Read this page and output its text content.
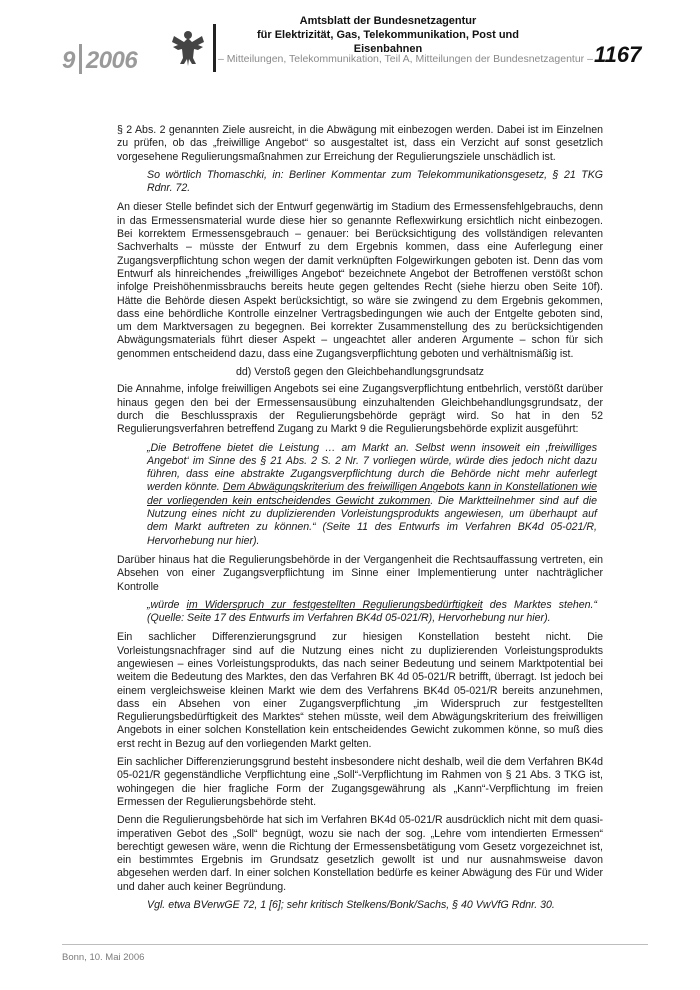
9 2006
Amtsblatt der Bundesnetzagentur
für Elektrizität, Gas, Telekommunikation, Post und Eisenbahnen
– Mitteilungen, Telekommunikation, Teil A, Mitteilungen der Bundesnetzagentur – 1167

§ 2 Abs. 2 genannten Ziele ausreicht, in die Abwägung mit einbezogen werden. Dabei ist im Einzelnen zu prüfen, ob das „freiwillige Angebot“ so ausgestaltet ist, dass ein Verzicht auf sonst gesetzlich vorgesehene Regulierungsmaßnahmen zur Erreichung der Regulierungsziele unschädlich ist.

So wörtlich Thomaschki, in: Berliner Kommentar zum Telekommunikationsgesetz, § 21 TKG Rdnr. 72.

An dieser Stelle befindet sich der Entwurf gegenwärtig im Stadium des Ermessensfehlgebrauchs, denn in das Ermessensmaterial wurde diese hier so genannte Reflexwirkung ersichtlich nicht einbezogen. Bei korrektem Ermessensgebrauch – genauer: bei Berücksichtigung des vollständigen relevanten Sachverhalts – müsste der Entwurf zu dem Ergebnis kommen, dass eine Auferlegung einer Zugangsverpflichtung schon wegen der damit verknüpften Folgewirkungen geboten ist. Denn das vom Entwurf als hinreichendes „freiwilliges Angebot“ bezeichnete Angebot der Betroffenen verstößt schon infolge Preishöhenmissbrauchs bereits heute gegen geltendes Recht (siehe hierzu oben Seite 10f). Hätte die Behörde diesen Aspekt berücksichtigt, so wäre sie zwingend zu dem Ergebnis gekommen, dass eine behördliche Kontrolle einzelner Vertragsbedingungen wie auch der Entgelte geboten sind, um dem Marktversagen zu begegnen. Bei korrekter Zusammenstellung des zu berücksichtigenden Abwägungsmaterials führt dieser Aspekt – ungeachtet aller anderen Argumente – schon für sich genommen entscheidend dazu, dass eine Zugangsverpflichtung geboten und verhältnismäßig ist.

dd) Verstoß gegen den Gleichbehandlungsgrundsatz

Die Annahme, infolge freiwilligen Angebots sei eine Zugangsverpflichtung entbehrlich, verstößt darüber hinaus gegen den bei der Ermessensausübung einzuhaltenden Gleichbehandlungsgrundsatz, der durch die Beschlusspraxis der Regulierungsbehörde geprägt wird. So hat in den 52 Regulierungsverfahren betreffend Zugang zu Markt 9 die Regulierungsbehörde explizit ausgeführt:

„Die Betroffene bietet die Leistung … am Markt an. Selbst wenn insoweit ein ‚freiwilliges Angebot‘ im Sinne des § 21 Abs. 2 S. 2 Nr. 7 vorliegen würde, würde dies jedoch nicht dazu führen, dass eine abstrakte Zugangsverpflichtung durch die Behörde nicht mehr auferlegt werden könnte. Dem Abwägungskriterium des freiwilligen Angebots kann in Konstellationen wie der vorliegenden kein entscheidendes Gewicht zukommen. Die Marktteilnehmer sind auf die Nutzung eines nicht zu duplizierenden Vorleistungsprodukts angewiesen, um überhaupt auf dem Markt auftreten zu können.“ (Seite 11 des Entwurfs im Verfahren BK4d 05-021/R, Hervorhebung nur hier).

Darüber hinaus hat die Regulierungsbehörde in der Vergangenheit die Rechtsauffassung vertreten, ein Absehen von einer Zugangsverpflichtung im Sinne einer Implementierung unter nachträglicher Kontrolle

„würde im Widerspruch zur festgestellten Regulierungsbedürftigkeit des Marktes stehen.“ (Quelle: Seite 17 des Entwurfs im Verfahren BK4d 05-021/R), Hervorhebung nur hier).

Ein sachlicher Differenzierungsgrund zur hiesigen Konstellation besteht nicht. Die Vorleistungsnachfrager sind auf die Nutzung eines nicht zu duplizierenden Vorleistungsprodukts angewiesen – eines Vorleistungsprodukts, das nach seiner Bedeutung und seinem Marktpotential bei weitem die Bedeutung des Marktes, den das Verfahren BK 4d 05-021/R betrifft, überragt. Ist jedoch bei einem vergleichsweise kleinen Markt wie dem des Verfahrens BK4d 05-021/R bereits anzunehmen, dass ein Absehen von einer Zugangsverpflichtung „im Widerspruch zur festgestellten Regulierungsbedürftigkeit des Marktes“ stehen müsste, weil dem Abwägungskriterium des freiwilligen Angebots in einer solchen Konstellation kein entscheidendes Gewicht zukommen könne, so muß dies erst recht in Bezug auf den vorliegenden Markt gelten.

Ein sachlicher Differenzierungsgrund besteht insbesondere nicht deshalb, weil die dem Verfahren BK4d 05-021/R gegenständliche Verpflichtung eine „Soll“-Verpflichtung im Rahmen von § 21 Abs. 3 TKG ist, wohingegen die hier fragliche Form der Zugangsgewährung als „Kann“-Verpflichtung im freien Ermessen der Regulierungsbehörde steht.

Denn die Regulierungsbehörde hat sich im Verfahren BK4d 05-021/R ausdrücklich nicht mit dem quasi-imperativen Gebot des „Soll“ begnügt, wozu sie nach der sog. „Lehre vom intendierten Ermessen“ berechtigt gewesen wäre, wenn die Richtung der Ermessensbetätigung vom Gesetz vorgezeichnet ist, ein bestimmtes Ergebnis im Grundsatz gesetzlich gewollt ist und nur ausnahmsweise davon abgesehen werden darf. In einer solchen Konstellation bedürfe es keiner Abwägung des Für und Wider und daher auch keiner Begründung.

Vgl. etwa BVerwGE 72, 1 [6]; sehr kritisch Stelkens/Bonk/Sachs, § 40 VwVfG Rdnr. 30.

Bonn, 10. Mai 2006
